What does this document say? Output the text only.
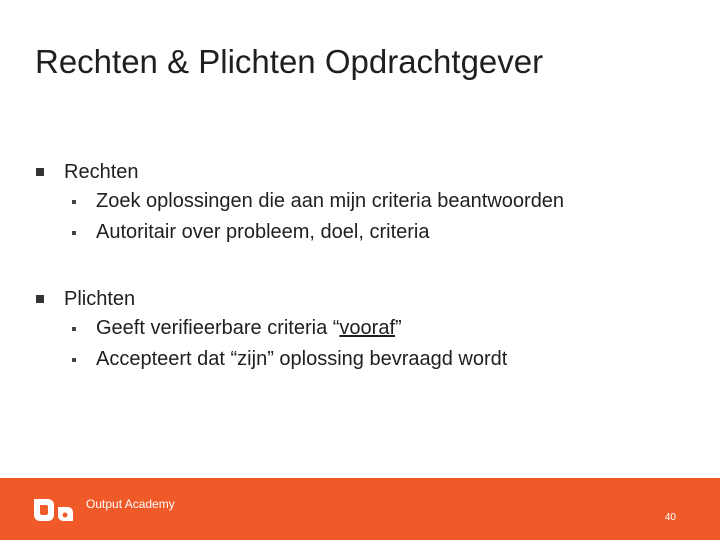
Rechten & Plichten Opdrachtgever
Rechten
Zoek oplossingen die aan mijn criteria beantwoorden
Autoritair over probleem, doel, criteria
Plichten
Geeft verifieerbare criteria “vooraf”
Accepteert dat “zijn” oplossing bevraagd wordt
Output Academy
40
